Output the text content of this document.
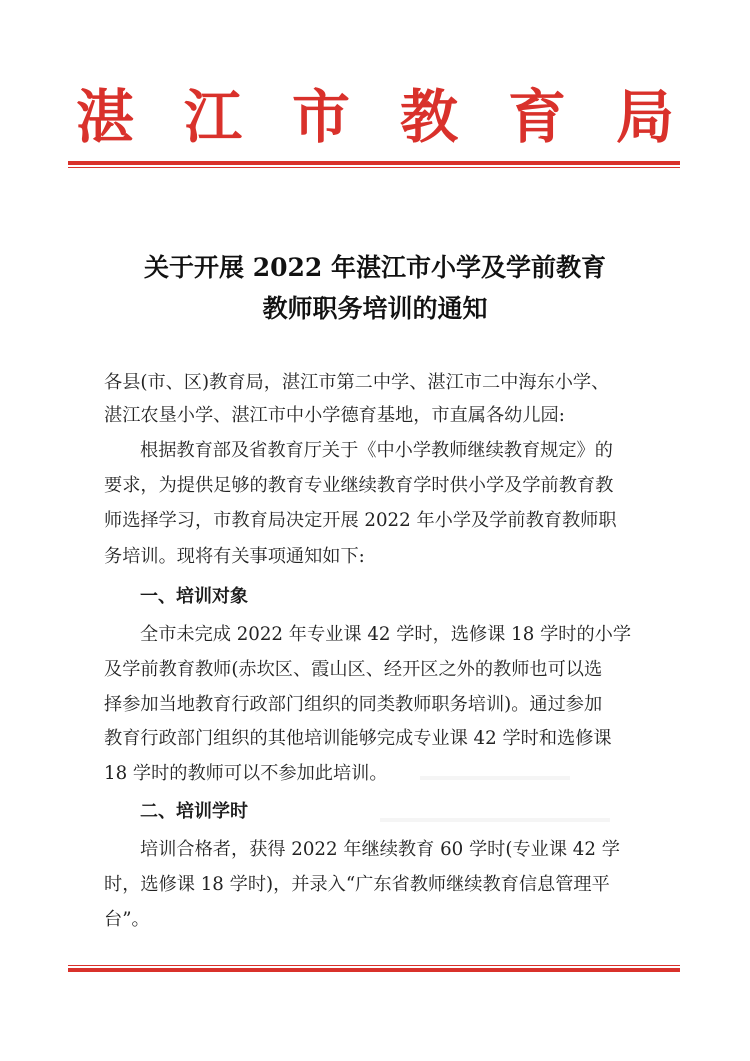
湛 江 市 教 育 局
关于开展 2022 年湛江市小学及学前教育
教师职务培训的通知
各县(市、区)教育局，湛江市第二中学、湛江市二中海东小学、
湛江农垦小学、湛江市中小学德育基地，市直属各幼儿园:
根据教育部及省教育厅关于《中小学教师继续教育规定》的
要求，为提供足够的教育专业继续教育学时供小学及学前教育教
师选择学习，市教育局决定开展 2022 年小学及学前教育教师职
务培训。现将有关事项通知如下:
一、培训对象
全市未完成 2022 年专业课 42 学时，选修课 18 学时的小学
及学前教育教师(赤坎区、霞山区、经开区之外的教师也可以选
择参加当地教育行政部门组织的同类教师职务培训)。通过参加
教育行政部门组织的其他培训能够完成专业课 42 学时和选修课
18 学时的教师可以不参加此培训。
二、培训学时
培训合格者，获得 2022 年继续教育 60 学时(专业课 42 学
时，选修课 18 学时)，并录入“广东省教师继续教育信息管理平
台”。
